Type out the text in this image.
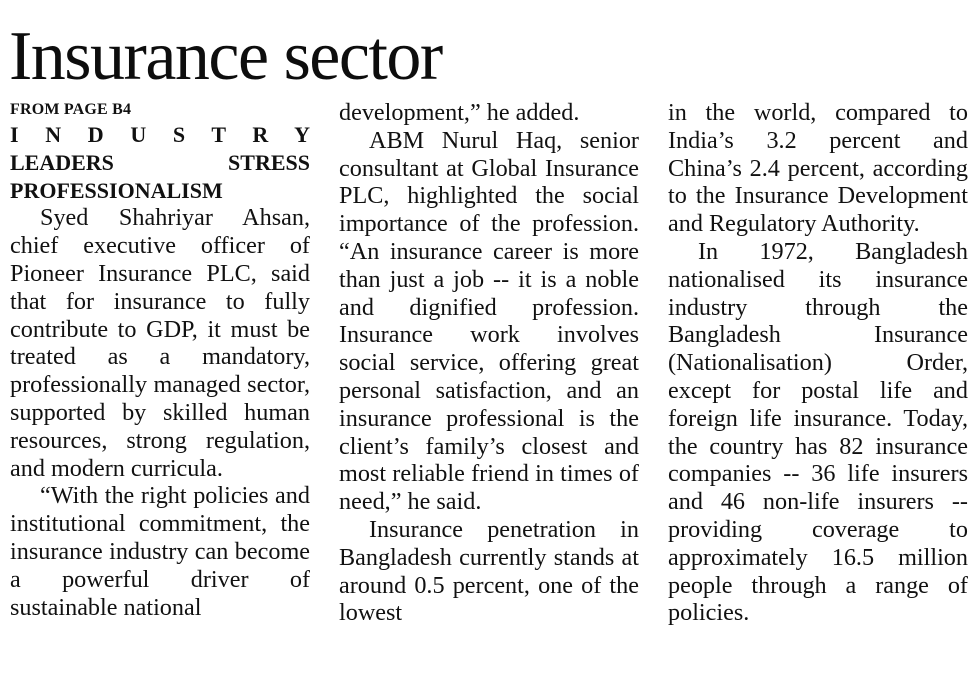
Insurance sector

FROM PAGE B4

I N D U S T R Y
LEADERS STRESS
PROFESSIONALISM

Syed Shahriyar Ahsan, chief executive officer of Pioneer Insurance PLC, said that for insurance to fully contribute to GDP, it must be treated as a mandatory, professionally managed sector, supported by skilled human resources, strong regulation, and modern curricula.

“With the right policies and institutional commitment, the insurance industry can become a powerful driver of sustainable national

development,” he added.

ABM Nurul Haq, senior consultant at Global Insurance PLC, highlighted the social importance of the profession. “An insurance career is more than just a job -- it is a noble and dignified profession. Insurance work involves social service, offering great personal satisfaction, and an insurance professional is the client’s family’s closest and most reliable friend in times of need,” he said.

Insurance penetration in Bangladesh currently stands at around 0.5 percent, one of the lowest

in the world, compared to India’s 3.2 percent and China’s 2.4 percent, according to the Insurance Development and Regulatory Authority.

In 1972, Bangladesh nationalised its insurance industry through the Bangladesh Insurance (Nationalisation) Order, except for postal life and foreign life insurance. Today, the country has 82 insurance companies -- 36 life insurers and 46 non-life insurers -- providing coverage to approximately 16.5 million people through a range of policies.
